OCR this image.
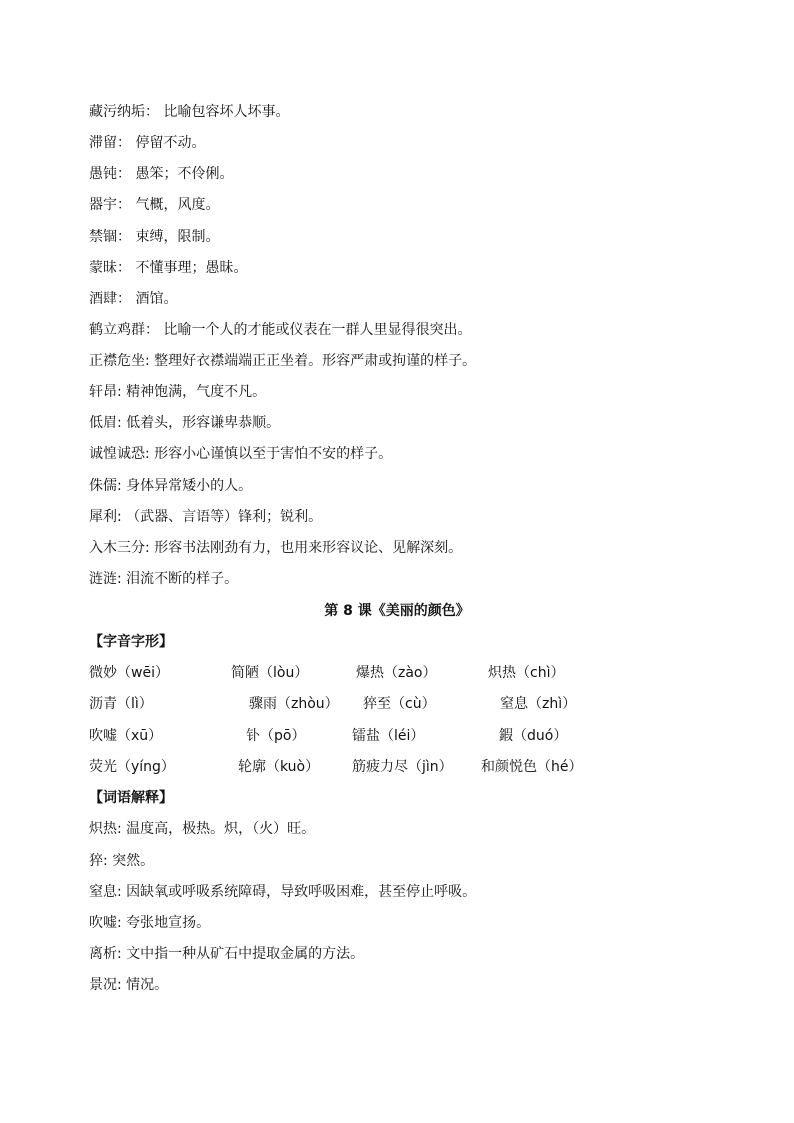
藏污纳垢： 比喻包容坏人坏事。
滞留： 停留不动。
愚钝： 愚笨；不伶俐。
器宇： 气概，风度。
禁锢： 束缚，限制。
蒙昧： 不懂事理；愚昧。
酒肆： 酒馆。
鹤立鸡群： 比喻一个人的才能或仪表在一群人里显得很突出。
正襟危坐: 整理好衣襟端端正正坐着。形容严肃或拘谨的样子。
轩昂: 精神饱满，气度不凡。
低眉: 低着头，形容谦卑恭顺。
诚惶诚恐: 形容小心谨慎以至于害怕不安的样子。
侏儒: 身体异常矮小的人。
犀利: （武器、言语等）锋利；锐利。
入木三分: 形容书法刚劲有力，也用来形容议论、见解深刻。
涟涟: 泪流不断的样子。
第 8 课《美丽的颜色》
【字音字形】
微妙（wēi）	简陋（lòu）	爆热（zào）	炽热（chì）
沥青（lì）	骤雨（zhòu） 猝至（cù）	窒息（zhì）
吹嘘（xū）	钋（pō）	镭盐（léi）	鍜（duó）
荧光（yíng）	轮廓（kuò） 筋疲力尽（jìn） 和颜悦色（hé）
【词语解释】
炽热: 温度高，极热。炽，（火）旺。
猝: 突然。
窒息: 因缺氧或呼吸系统障碍，导致呼吸困难，甚至停止呼吸。
吹嘘: 夸张地宣扬。
离析: 文中指一种从矿石中提取金属的方法。
景况: 情况。
